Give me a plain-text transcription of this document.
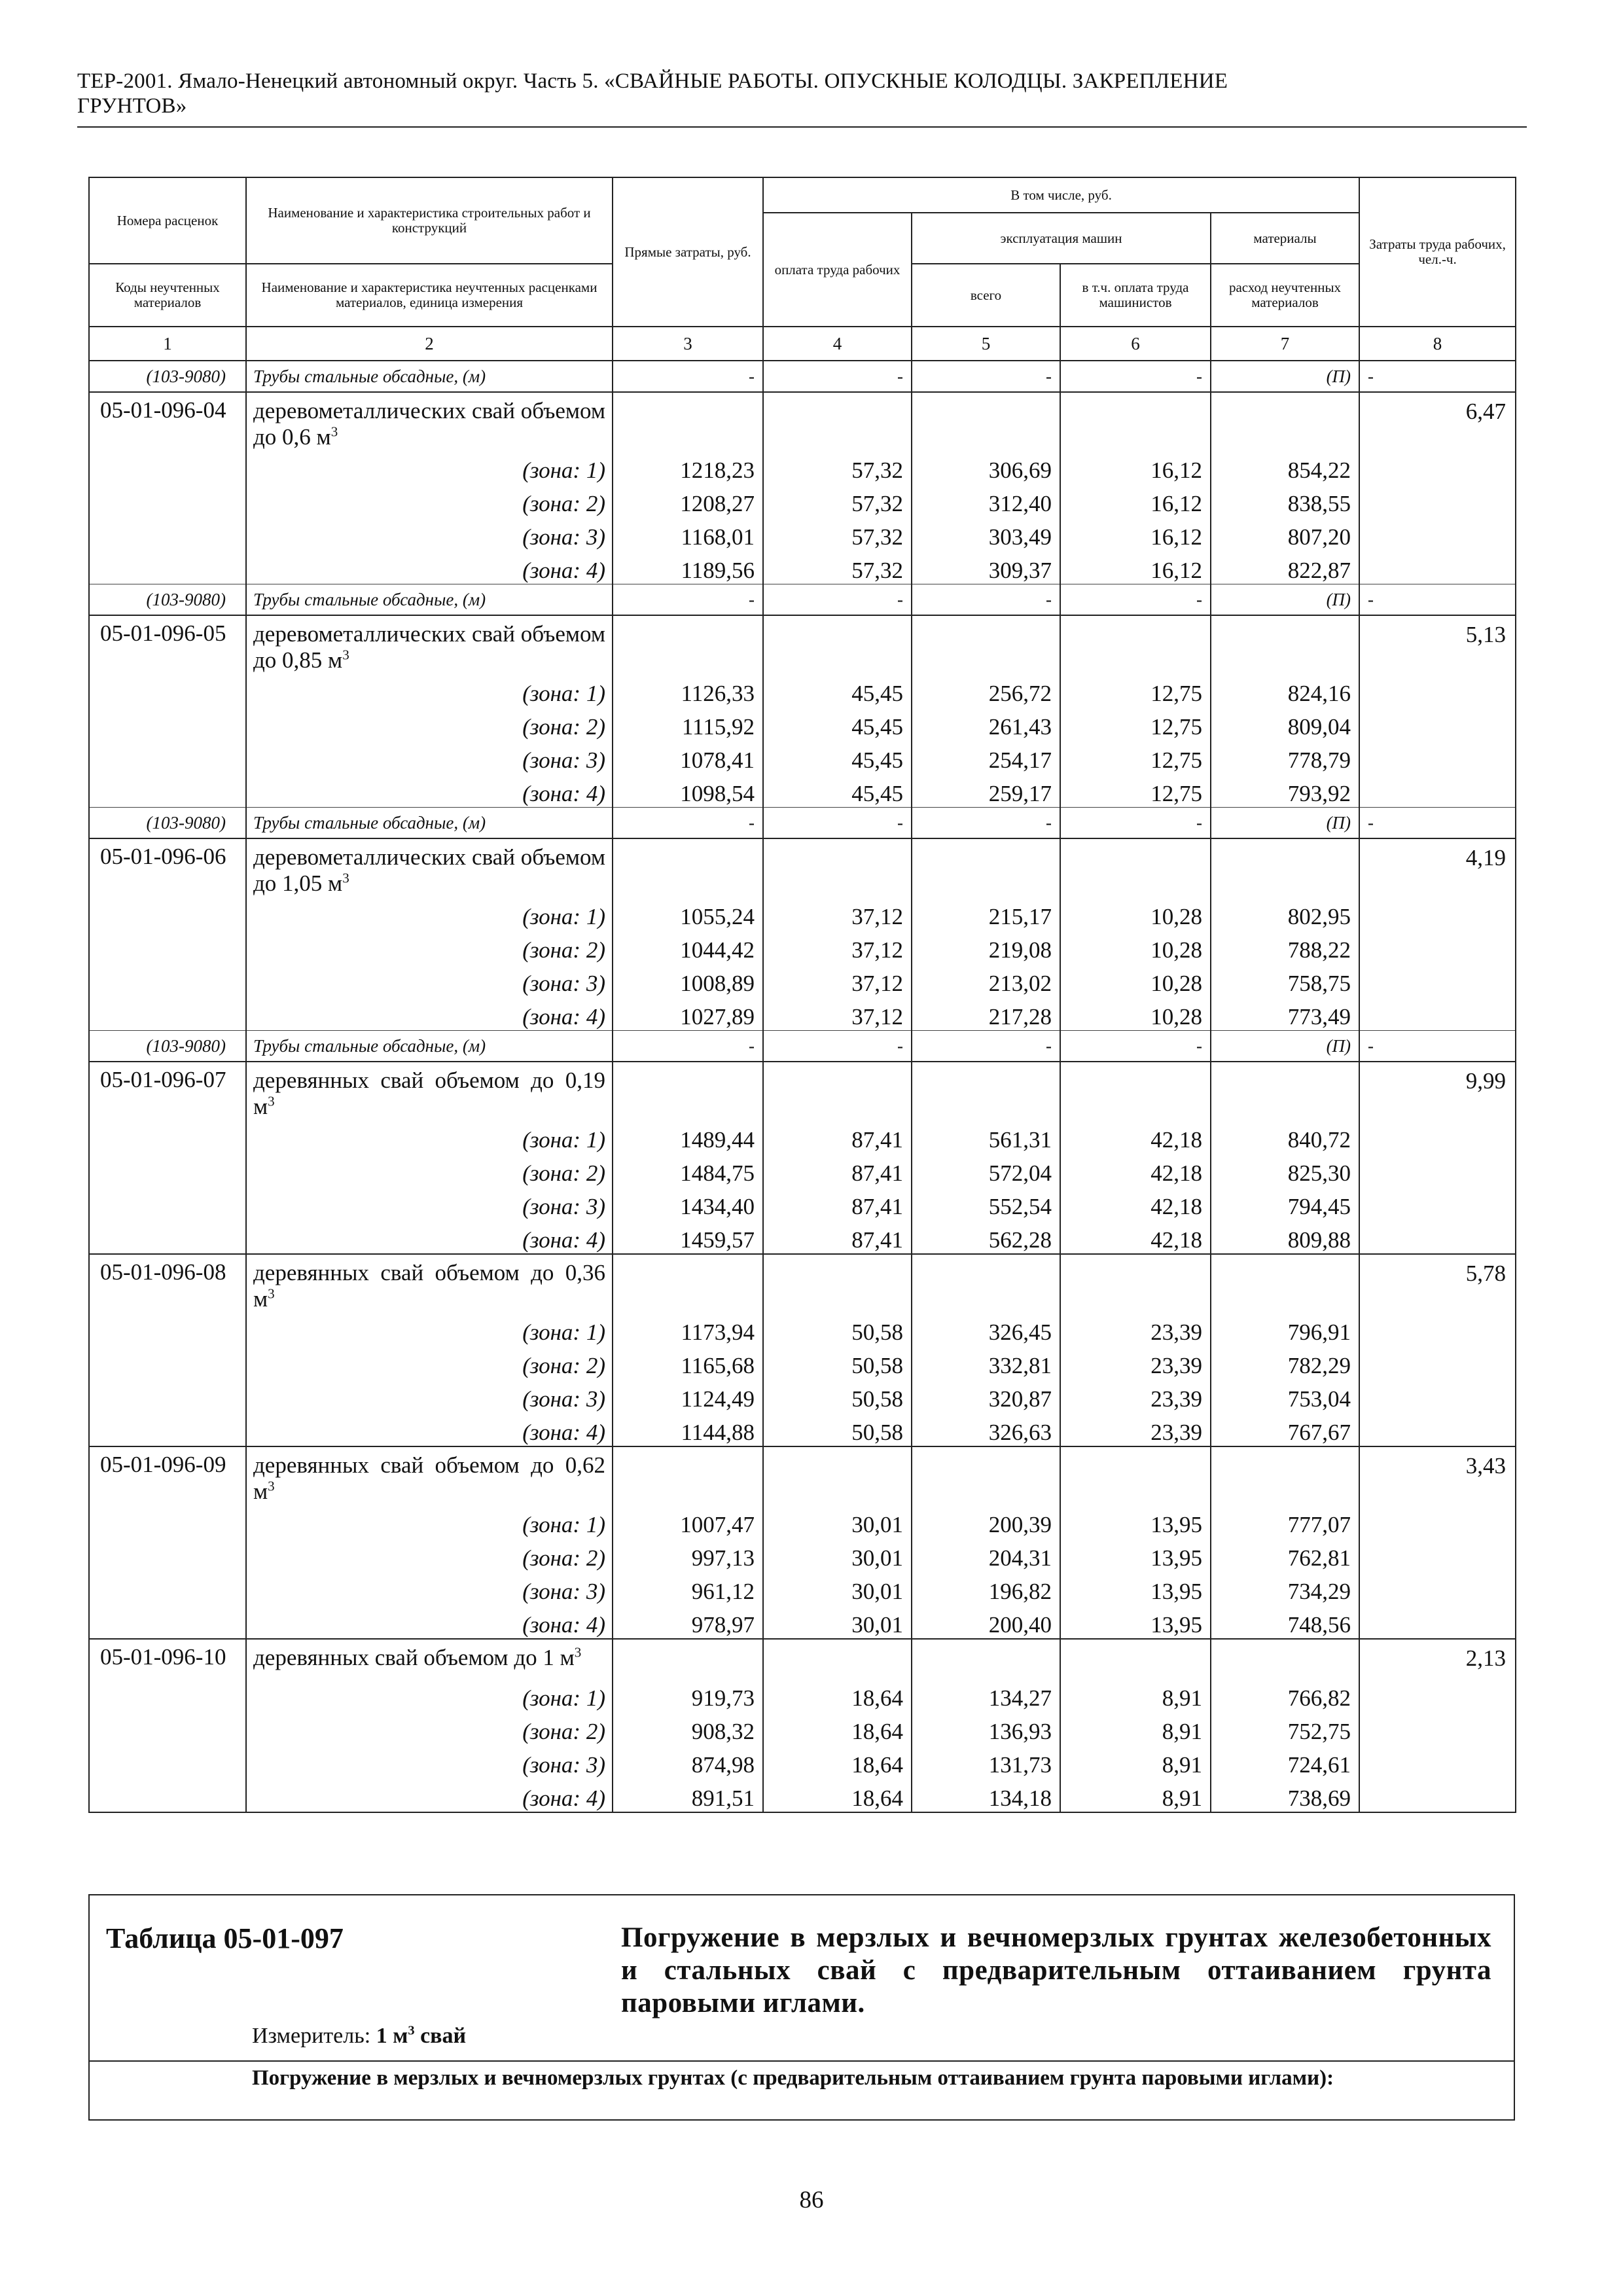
ТЕР-2001. Ямало-Ненецкий автономный округ. Часть 5. «СВАЙНЫЕ РАБОТЫ. ОПУСКНЫЕ КОЛОДЦЫ. ЗАКРЕПЛЕНИЕ
ГРУНТОВ»
Номера расценок	Наименование и характеристика строительных работ и конструкций	Прямые затраты, руб.	В том числе, руб.				Затраты труда рабочих, чел.-ч.
			оплата труда рабочих	эксплуатация машин		материалы	
Коды неучтенных материалов	Наименование и характеристика неучтенных расценками материалов, единица измерения			всего	в т.ч. оплата труда машинистов	расход неучтенных материалов	
1	2	3	4	5	6	7	8
(103-9080)	Трубы стальные обсадные, (м)	-	-	-	-	(П)	-
05-01-096-04	деревометаллических свай объемом до 0,6 $м^3$						6,47
	(зона: 1)	1218,23	57,32	306,69	16,12	854,22	
	(зона: 2)	1208,27	57,32	312,40	16,12	838,55	
	(зона: 3)	1168,01	57,32	303,49	16,12	807,20	
	(зона: 4)	1189,56	57,32	309,37	16,12	822,87	
(103-9080)	Трубы стальные обсадные, (м)	-	-	-	-	(П)	-
05-01-096-05	деревометаллических свай объемом до 0,85 $м^3$						5,13
	(зона: 1)	1126,33	45,45	256,72	12,75	824,16	
	(зона: 2)	1115,92	45,45	261,43	12,75	809,04	
	(зона: 3)	1078,41	45,45	254,17	12,75	778,79	
	(зона: 4)	1098,54	45,45	259,17	12,75	793,92	
(103-9080)	Трубы стальные обсадные, (м)	-	-	-	-	(П)	-
05-01-096-06	деревометаллических свай объемом до 1,05 $м^3$						4,19
	(зона: 1)	1055,24	37,12	215,17	10,28	802,95	
	(зона: 2)	1044,42	37,12	219,08	10,28	788,22	
	(зона: 3)	1008,89	37,12	213,02	10,28	758,75	
	(зона: 4)	1027,89	37,12	217,28	10,28	773,49	
(103-9080)	Трубы стальные обсадные, (м)	-	-	-	-	(П)	-
05-01-096-07	деревянных свай объемом до 0,19 $м^3$						9,99
	(зона: 1)	1489,44	87,41	561,31	42,18	840,72	
	(зона: 2)	1484,75	87,41	572,04	42,18	825,30	
	(зона: 3)	1434,40	87,41	552,54	42,18	794,45	
	(зона: 4)	1459,57	87,41	562,28	42,18	809,88	
05-01-096-08	деревянных свай объемом до 0,36 $м^3$						5,78
	(зона: 1)	1173,94	50,58	326,45	23,39	796,91	
	(зона: 2)	1165,68	50,58	332,81	23,39	782,29	
	(зона: 3)	1124,49	50,58	320,87	23,39	753,04	
	(зона: 4)	1144,88	50,58	326,63	23,39	767,67	
05-01-096-09	деревянных свай объемом до 0,62 $м^3$						3,43
	(зона: 1)	1007,47	30,01	200,39	13,95	777,07	
	(зона: 2)	997,13	30,01	204,31	13,95	762,81	
	(зона: 3)	961,12	30,01	196,82	13,95	734,29	
	(зона: 4)	978,97	30,01	200,40	13,95	748,56	
05-01-096-10	деревянных свай объемом до 1 $м^3$						2,13
	(зона: 1)	919,73	18,64	134,27	8,91	766,82	
	(зона: 2)	908,32	18,64	136,93	8,91	752,75	
	(зона: 3)	874,98	18,64	131,73	8,91	724,61	
	(зона: 4)	891,51	18,64	134,18	8,91	738,69	
Таблица 05-01-097	Погружение в мерзлых и вечномерзлых грунтах железобетонных и стальных свай с предварительным оттаиванием грунта паровыми иглами.
Измеритель: 1 $м^3$ свай
Погружение в мерзлых и вечномерзлых грунтах (с предварительным оттаиванием грунта паровыми иглами):
86
